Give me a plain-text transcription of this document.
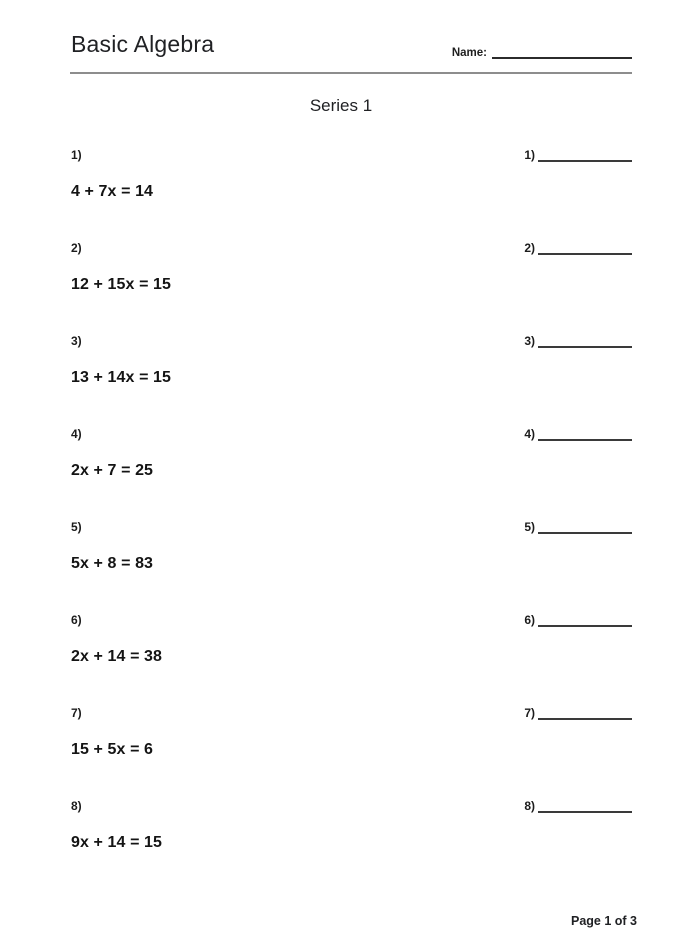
Basic Algebra	Name:
Series 1
1)
4 + 7x = 14
1)
2)
12 + 15x = 15
2)
3)
13 + 14x = 15
3)
4)
2x + 7 = 25
4)
5)
5x + 8 = 83
5)
6)
2x + 14 = 38
6)
7)
15 + 5x = 6
7)
8)
9x + 14 = 15
8)
Page 1 of 3
